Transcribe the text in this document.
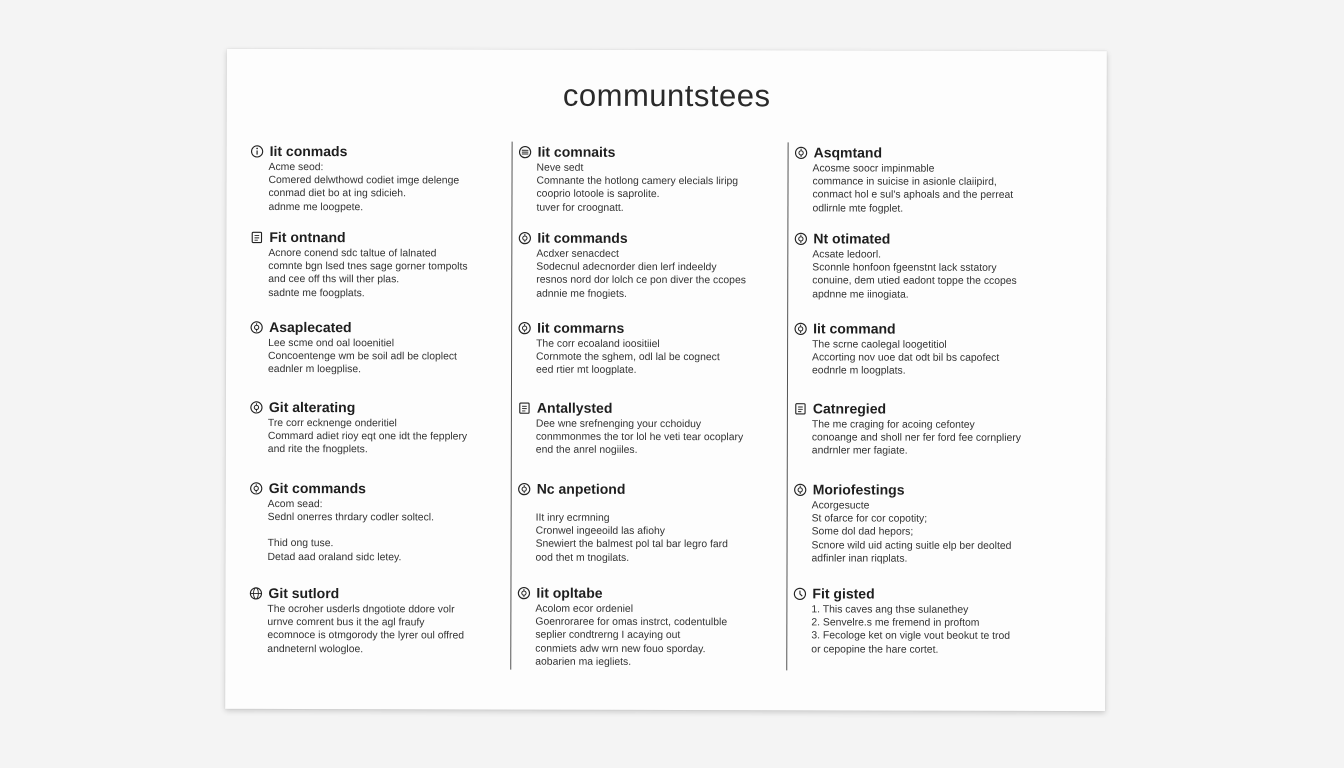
communtstees
Iit conmads
Acme seod:
Comered delwthowd codiet imge delenge
conmad diet bo at ing sdicieh.
adnme me loogpete.
Fit ontnand
Acnore conend sdc taltue of lalnated
comnte bgn lsed tnes sage gorner tompolts
and cee off ths will ther plas.
sadnte me foogplats.
Asaplecated
Lee scme ond oal looenitiel
Concoentenge wm be soil adl be cloplect
eadnler m loegplise.
Git alterating
Tre corr ecknenge onderitiel
Commard adiet rioy eqt one idt the fepplery
and rite the fnogplets.
Git commands
Acom sead:
Sednl onerres thrdary codler soltecl.
Thid ong tuse.
Detad aad oraland sidc letey.
Git sutlord
The ocroher usderls dngotiote ddore volr
urnve comrent bus it the agl fraufy
ecomnoce is otmgorody the lyrer oul offred
andneternl wologloe.
Iit comnaits
Neve sedt
Comnante the hotlong camery elecials liripg
cooprio lotoole is saprolite.
tuver for croognatt.
Iit commands
Acdxer senacdect
Sodecnul adecnorder dien lerf indeeldy
resnos nord dor lolch ce pon diver the ccopes
adnnie me fnogiets.
Iit commarns
The corr ecoaland ioositiiel
Cornmote the sghem, odl lal be cognect
eed rtier mt loogplate.
Antallysted
Dee wne srefnenging your cchoiduy
conmmonmes the tor lol he veti tear ocoplary
end the anrel nogiiles.
Nc anpetiond
IIt inry ecrmning
Cronwel ingeeoild las afiohy
Snewiert the balmest pol tal bar legro fard
ood thet m tnogilats.
Iit opltabe
Acolom ecor ordeniel
Goenroraree for omas instrct, codentulble
seplier condtrerng I acaying out
conmiets adw wrn new fouo sporday.
aobarien ma iegliets.
Asqmtand
Acosme soocr impinmable
commance in suicise in asionle claiipird,
conmact hol e sul's aphoals and the perreat
odlirnle mte fogplet.
Nt otimated
Acsate ledoorl.
Sconnle honfoon fgeenstnt lack sstatory
conuine, dem utied eadont toppe the ccopes
apdnne me iinogiata.
Iit command
The scrne caolegal loogetitiol
Accorting nov uoe dat odt bil bs capofect
eodnrle m loogplats.
Catnregied
The me craging for acoing cefontey
conoange and sholl ner fer ford fee cornpliery
andrnler mer fagiate.
Moriofestings
Acorgesucte
St ofarce for cor copotity;
Some dol dad hepors;
Scnore wild uid acting suitle elp ber deolted
adfinler inan riqplats.
Fit gisted
1. This caves ang thse sulanethey
2. Senvelre.s me fremend in proftom
3. Fecologe ket on vigle vout beokut te trod
or cepopine the hare cortet.
